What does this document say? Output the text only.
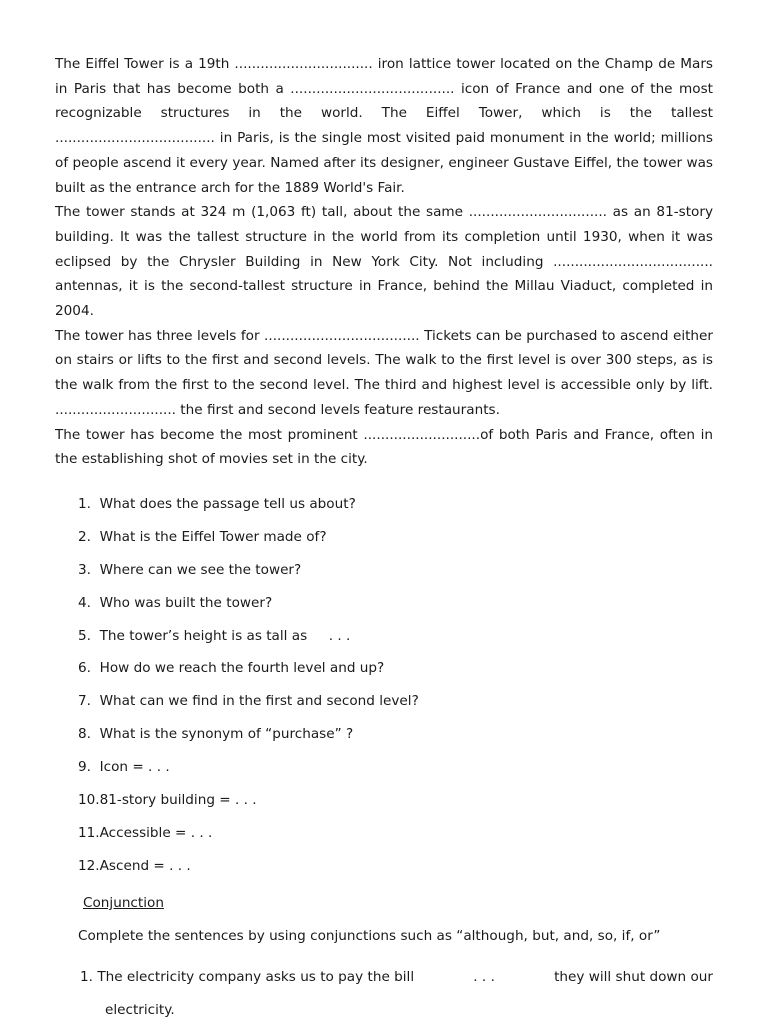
The Eiffel Tower is a 19th ................................ iron lattice tower located on the Champ de Mars in Paris that has become both a ...................................... icon of France and one of the most recognizable structures in the world. The Eiffel Tower, which is the tallest ..................................... in Paris, is the single most visited paid monument in the world; millions of people ascend it every year. Named after its designer, engineer Gustave Eiffel, the tower was built as the entrance arch for the 1889 World's Fair.

The tower stands at 324 m (1,063 ft) tall, about the same ................................ as an 81-story building. It was the tallest structure in the world from its completion until 1930, when it was eclipsed by the Chrysler Building in New York City. Not including ..................................... antennas, it is the second-tallest structure in France, behind the Millau Viaduct, completed in 2004.

The tower has three levels for .................................... Tickets can be purchased to ascend either on stairs or lifts to the first and second levels. The walk to the first level is over 300 steps, as is the walk from the first to the second level. The third and highest level is accessible only by lift. ............................ the first and second levels feature restaurants.

The tower has become the most prominent ...........................of both Paris and France, often in the establishing shot of movies set in the city.

1.  What does the passage tell us about?
2.  What is the Eiffel Tower made of?
3.  Where can we see the tower?
4.  Who was built the tower?
5.  The tower’s height is as tall as     . . .
6.  How do we reach the fourth level and up?
7.  What can we find in the first and second level?
8.  What is the synonym of “purchase” ?
9.  Icon = . . .
10.81-story building = . . .
11.Accessible = . . .
12.Ascend = . . .
Conjunction
Complete the sentences by using conjunctions such as “although, but, and, so, if, or”
1. The electricity company asks us to pay the bill	. . .	they will shut down our
electricity.
